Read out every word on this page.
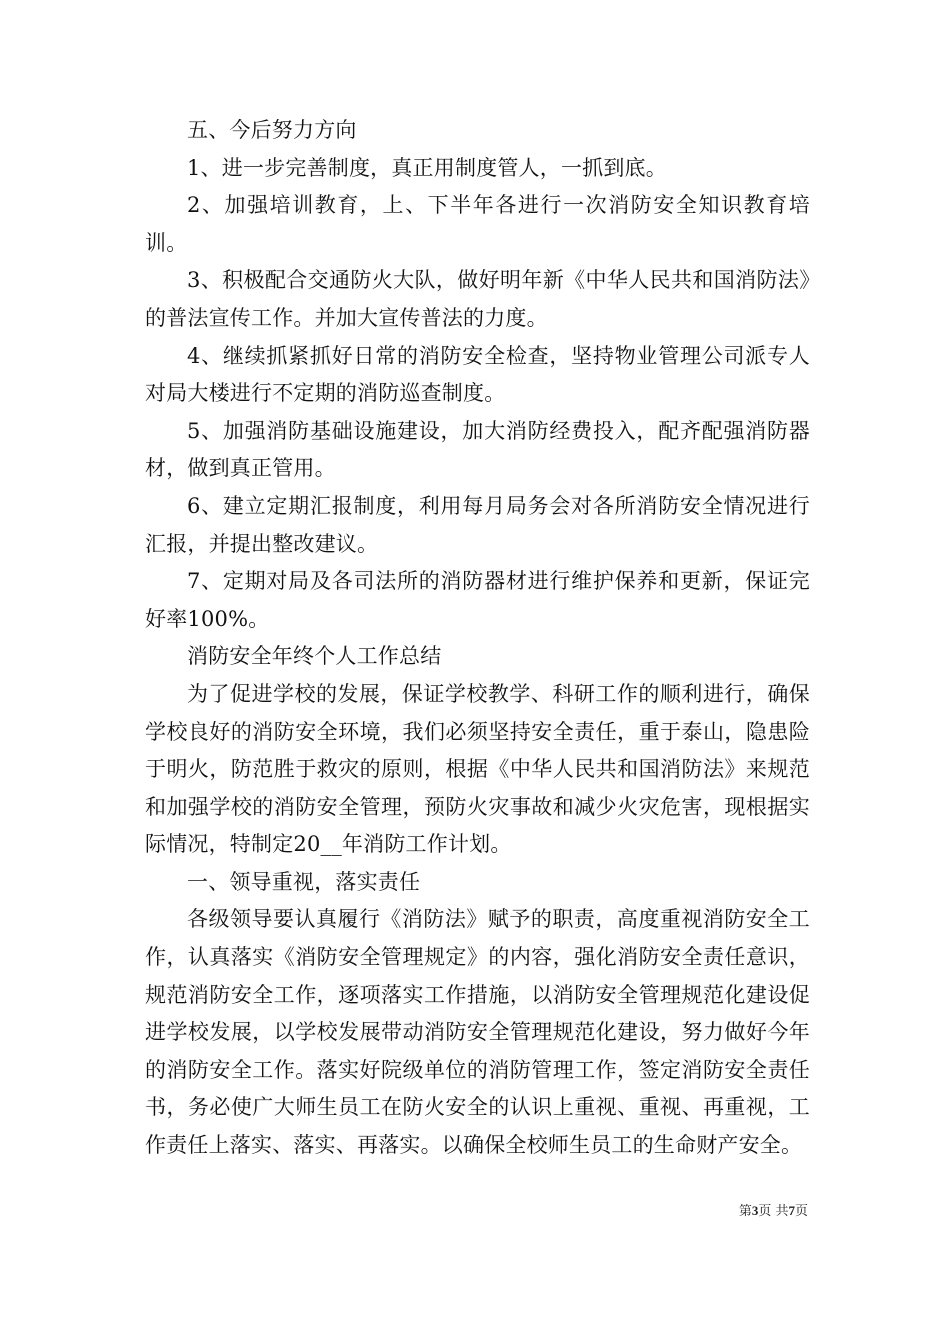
五、今后努力方向

1、进一步完善制度，真正用制度管人，一抓到底。

2、加强培训教育，上、下半年各进行一次消防安全知识教育培训。

3、积极配合交通防火大队，做好明年新《中华人民共和国消防法》的普法宣传工作。并加大宣传普法的力度。

4、继续抓紧抓好日常的消防安全检查，坚持物业管理公司派专人对局大楼进行不定期的消防巡查制度。

5、加强消防基础设施建设，加大消防经费投入，配齐配强消防器材，做到真正管用。

6、建立定期汇报制度，利用每月局务会对各所消防安全情况进行汇报，并提出整改建议。

7、定期对局及各司法所的消防器材进行维护保养和更新，保证完好率100%。

消防安全年终个人工作总结

为了促进学校的发展，保证学校教学、科研工作的顺利进行，确保学校良好的消防安全环境，我们必须坚持安全责任，重于泰山，隐患险于明火，防范胜于救灾的原则，根据《中华人民共和国消防法》来规范和加强学校的消防安全管理，预防火灾事故和减少火灾危害，现根据实际情况，特制定20__年消防工作计划。

一、领导重视，落实责任

各级领导要认真履行《消防法》赋予的职责，高度重视消防安全工作，认真落实《消防安全管理规定》的内容，强化消防安全责任意识，规范消防安全工作，逐项落实工作措施，以消防安全管理规范化建设促进学校发展，以学校发展带动消防安全管理规范化建设，努力做好今年的消防安全工作。落实好院级单位的消防管理工作，签定消防安全责任书，务必使广大师生员工在防火安全的认识上重视、重视、再重视，工作责任上落实、落实、再落实。以确保全校师生员工的生命财产安全。

第3页 共7页
